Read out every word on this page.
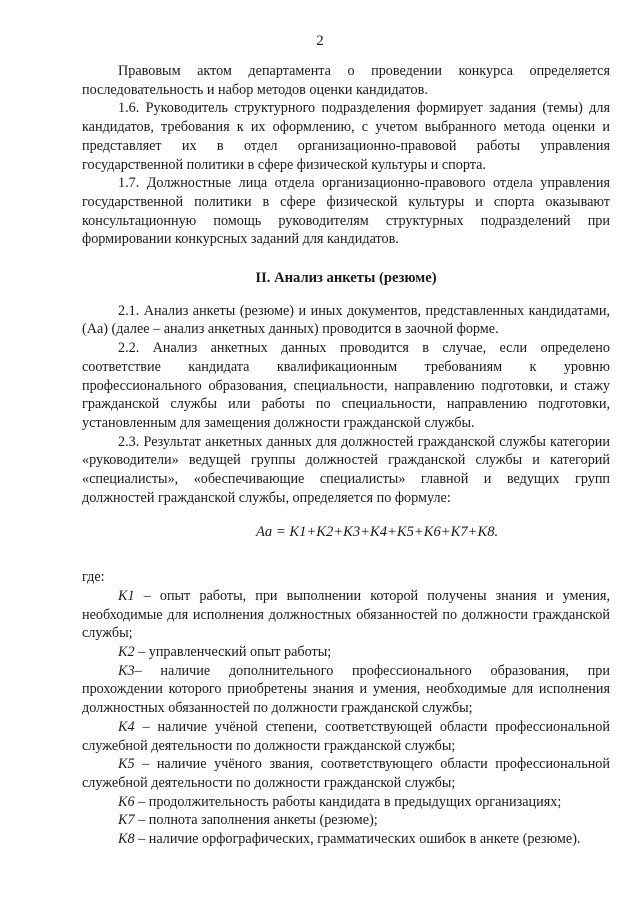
2

Правовым актом департамента о проведении конкурса определяется последовательность и набор методов оценки кандидатов.

1.6. Руководитель структурного подразделения формирует задания (темы) для кандидатов, требования к их оформлению, с учетом выбранного метода оценки и представляет их в отдел организационно-правовой работы управления государственной политики в сфере физической культуры и спорта.

1.7. Должностные лица отдела организационно-правового отдела управления государственной политики в сфере физической культуры и спорта оказывают консультационную помощь руководителям структурных подразделений при формировании конкурсных заданий для кандидатов.

II. Анализ анкеты (резюме)

2.1. Анализ анкеты (резюме) и иных документов, представленных кандидатами, (Aа) (далее – анализ анкетных данных) проводится в заочной форме.

2.2. Анализ анкетных данных проводится в случае, если определено соответствие кандидата квалификационным требованиям к уровню профессионального образования, специальности, направлению подготовки, и стажу гражданской службы или работы по специальности, направлению подготовки, установленным для замещения должности гражданской службы.

2.3. Результат анкетных данных для должностей гражданской службы категории «руководители» ведущей группы должностей гражданской службы и категорий «специалисты», «обеспечивающие специалисты» главной и ведущих групп должностей гражданской службы, определяется по формуле:

Aа = K1+K2+K3+K4+K5+K6+K7+K8.

где:

K1 – опыт работы, при выполнении которой получены знания и умения, необходимые для исполнения должностных обязанностей по должности гражданской службы;

K2 – управленческий опыт работы;

K3– наличие дополнительного профессионального образования, при прохождении которого приобретены знания и умения, необходимые для исполнения должностных обязанностей по должности гражданской службы;

K4 – наличие учёной степени, соответствующей области профессиональной служебной деятельности по должности гражданской службы;

K5 – наличие учёного звания, соответствующего области профессиональной служебной деятельности по должности гражданской службы;

K6 – продолжительность работы кандидата в предыдущих организациях;

K7 – полнота заполнения анкеты (резюме);

K8 – наличие орфографических, грамматических ошибок в анкете (резюме).
